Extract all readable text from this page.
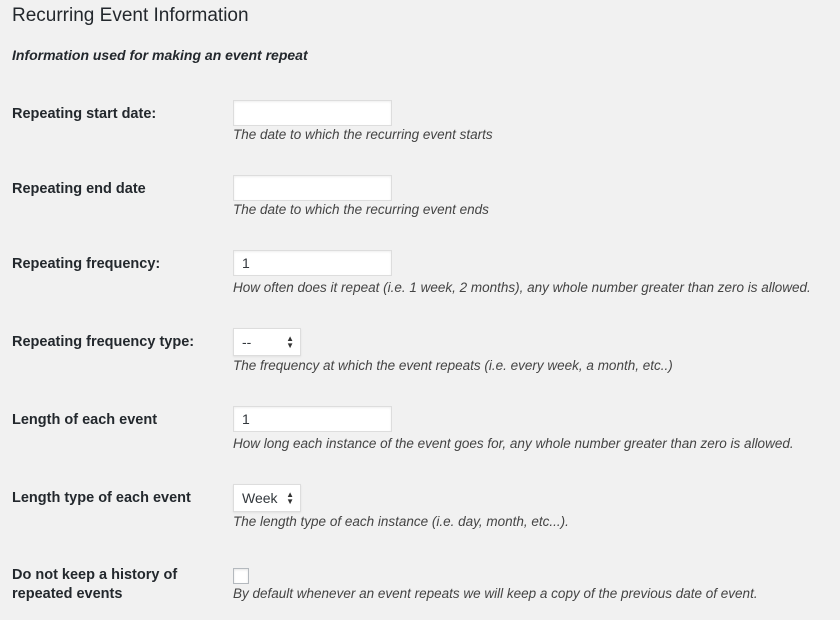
Recurring Event Information
Information used for making an event repeat
Repeating start date:
The date to which the recurring event starts
Repeating end date
The date to which the recurring event ends
Repeating frequency:
1
How often does it repeat (i.e. 1 week, 2 months), any whole number greater than zero is allowed.
Repeating frequency type:	--	▲
▼
The frequency at which the event repeats (i.e. every week, a month, etc..)
Length of each event
1
How long each instance of the event goes for, any whole number greater than zero is allowed.
Length type of each event	Week ▲
▼
The length type of each instance (i.e. day, month, etc...).
Do not keep a history of
repeated events	By default whenever an event repeats we will keep a copy of the previous date of event.
